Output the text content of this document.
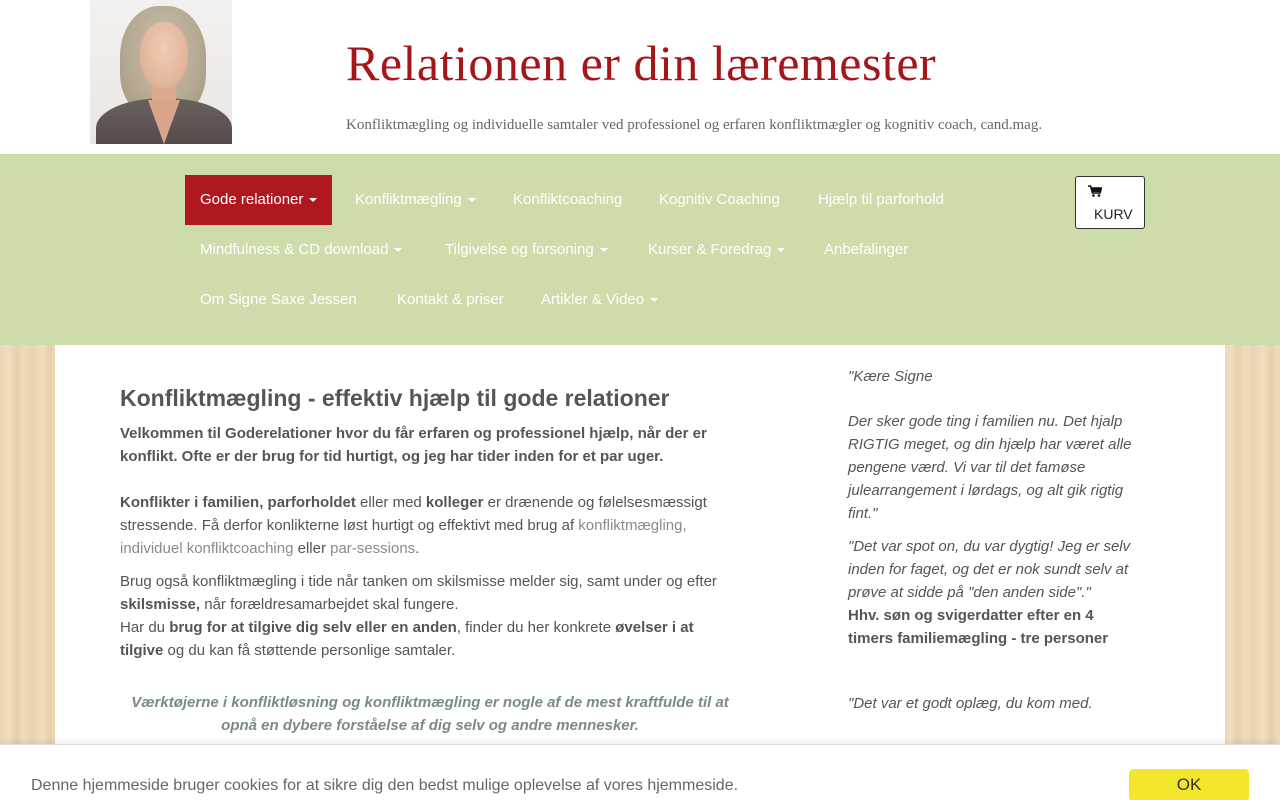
Relationen er din læremester
Konfliktmægling og individuelle samtaler ved professionel og erfaren konfliktmægler og kognitiv coach, cand.mag.
Gode relationer	Konfliktmægling	Konfliktcoaching	Kognitiv Coaching	Hjælp til parforhold
Mindfulness & CD download	Tilgivelse og forsoning	Kurser & Foredrag	Anbefalinger
Om Signe Saxe Jessen	Kontakt & priser	Artikler & Video
KURV
Konfliktmægling - effektiv hjælp til gode relationer

Velkommen til Goderelationer hvor du får erfaren og professionel hjælp, når der er konflikt. Ofte er der brug for tid hurtigt, og jeg har tider inden for et par uger.

Konflikter i familien, parforholdet eller med kolleger er drænende og følelsesmæssigt stressende. Få derfor konlikterne løst hurtigt og effektivt med brug af konfliktmægling, individuel konfliktcoaching eller par-sessions.

Brug også konfliktmægling i tide når tanken om skilsmisse melder sig, samt under og efter skilsmisse, når forældresamarbejdet skal fungere.
Har du brug for at tilgive dig selv eller en anden, finder du her konkrete øvelser i at tilgive og du kan få støttende personlige samtaler.

Værktøjerne i konfliktløsning og konfliktmægling er nogle af de mest kraftfulde til at opnå en dybere forståelse af dig selv og andre mennesker.

"Kære Signe

Der sker gode ting i familien nu. Det hjalp RIGTIG meget, og din hjælp har været alle pengene værd. Vi var til det famøse julearrangement i lørdags, og alt gik rigtig fint."

"Det var spot on, du var dygtig! Jeg er selv inden for faget, og det er nok sundt selv at prøve at sidde på "den anden side"."

Hhv. søn og svigerdatter efter en 4 timers familiemægling - tre personer

"Det var et godt oplæg, du kom med.

Denne hjemmeside bruger cookies for at sikre dig den bedst mulige oplevelse af vores hjemmeside.	OK
